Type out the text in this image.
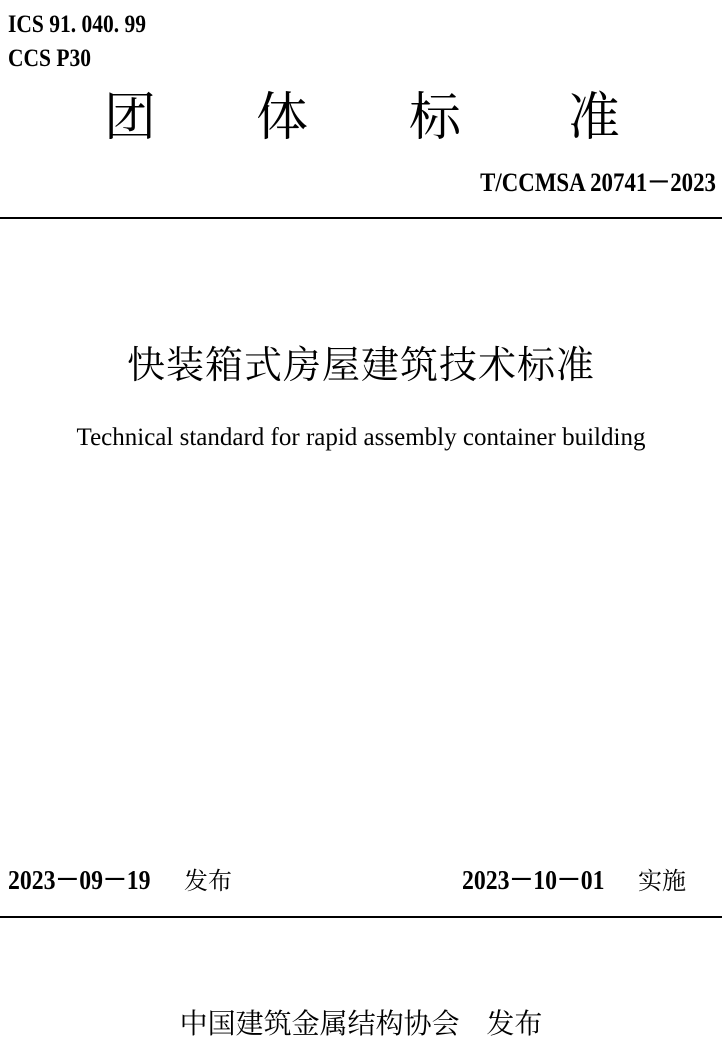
ICS 91. 040. 99
CCS P30
团 体 标 准
T/CCMSA 20741－2023
快装箱式房屋建筑技术标准
Technical standard for rapid assembly container building
2023－09－19 发布	2023－10－01 实施
中国建筑金属结构协会 发布
